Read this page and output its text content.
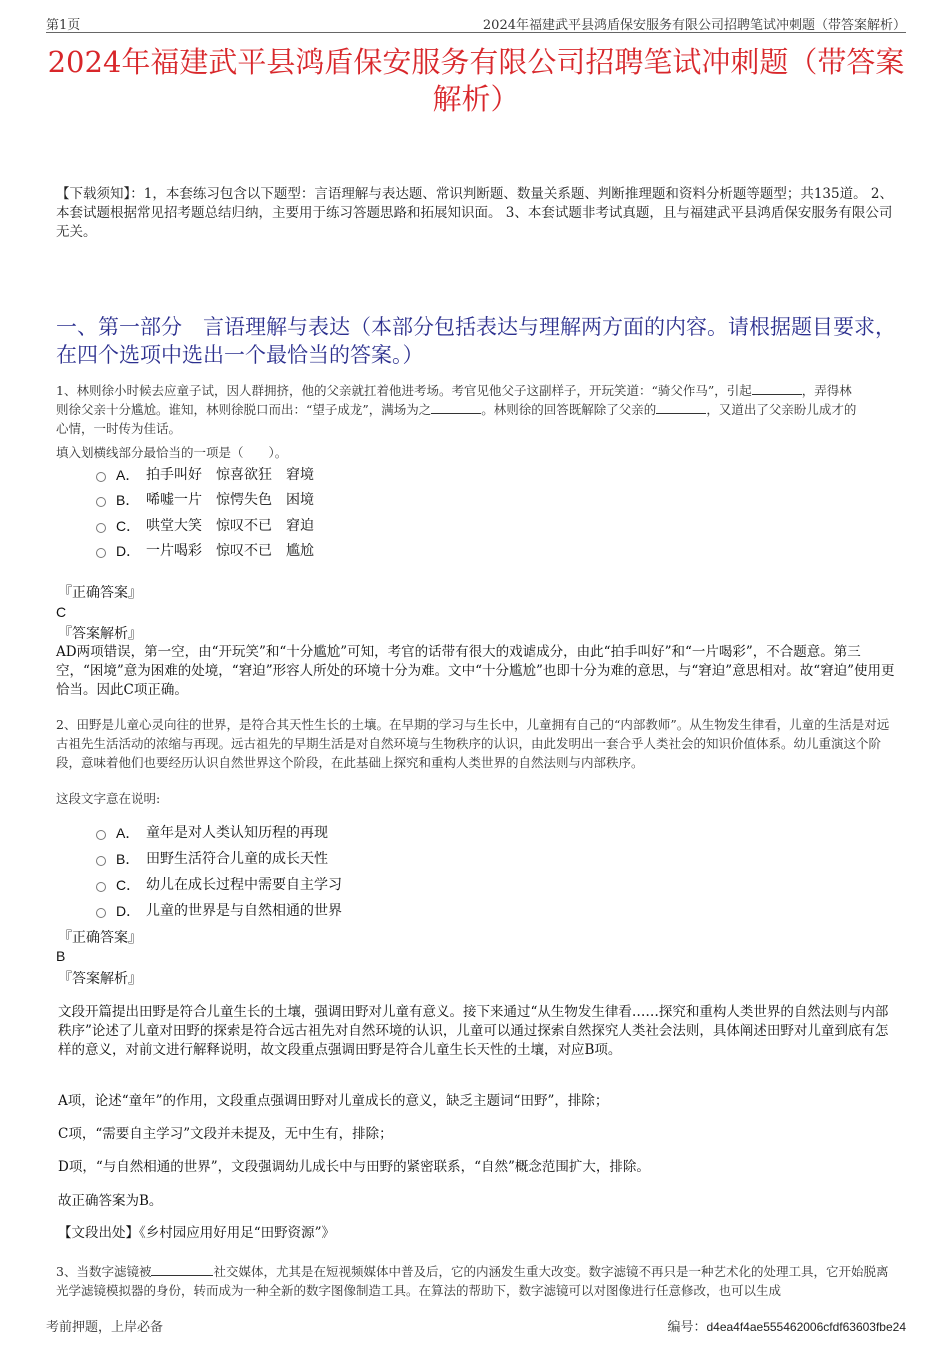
第1页	2024年福建武平县鸿盾保安服务有限公司招聘笔试冲刺题（带答案解析）
2024年福建武平县鸿盾保安服务有限公司招聘笔试冲刺题（带答案解析）
【下载须知】：1，本套练习包含以下题型：言语理解与表达题、常识判断题、数量关系题、判断推理题和资料分析题等题型；共135道。 2、本套试题根据常见招考题总结归纳，主要用于练习答题思路和拓展知识面。 3、本套试题非考试真题，且与福建武平县鸿盾保安服务有限公司无关。
一、第一部分　言语理解与表达（本部分包括表达与理解两方面的内容。请根据题目要求，在四个选项中选出一个最恰当的答案。）
1、林则徐小时候去应童子试，因人群拥挤，他的父亲就扛着他进考场。考官见他父子这副样子，开玩笑道：“骑父作马”，引起	，弄得林
则徐父亲十分尴尬。谁知，林则徐脱口而出：“望子成龙”，满场为之	。林则徐的回答既解除了父亲的	，又道出了父亲盼儿成才的
心情，一时传为佳话。
填入划横线部分最恰当的一项是（　　）。
A． 拍手叫好　惊喜欲狂　窘境
B． 唏嘘一片　惊愕失色　困境
C． 哄堂大笑　惊叹不已　窘迫
D． 一片喝彩　惊叹不已　尴尬
『正确答案』
C
『答案解析』
AD两项错误，第一空，由“开玩笑”和“十分尴尬”可知，考官的话带有很大的戏谑成分，由此“拍手叫好”和“一片喝彩”，不合题意。第三空，“困境”意为困难的处境，“窘迫”形容人所处的环境十分为难。文中“十分尴尬”也即十分为难的意思，与“窘迫”意思相对。故“窘迫”使用更恰当。因此C项正确。
2、田野是儿童心灵向往的世界，是符合其天性生长的土壤。在早期的学习与生长中，儿童拥有自己的“内部教师”。从生物发生律看，儿童的生活是对远古祖先生活活动的浓缩与再现。远古祖先的早期生活是对自然环境与生物秩序的认识，由此发明出一套合乎人类社会的知识价值体系。幼儿重演这个阶段，意味着他们也要经历认识自然世界这个阶段，在此基础上探究和重构人类世界的自然法则与内部秩序。
这段文字意在说明:
A． 童年是对人类认知历程的再现
B． 田野生活符合儿童的成长天性
C． 幼儿在成长过程中需要自主学习
D． 儿童的世界是与自然相通的世界
『正确答案』
B
『答案解析』
文段开篇提出田野是符合儿童生长的土壤，强调田野对儿童有意义。接下来通过“从生物发生律看……探究和重构人类世界的自然法则与内部秩序”论述了儿童对田野的探索是符合远古祖先对自然环境的认识，儿童可以通过探索自然探究人类社会法则，具体阐述田野对儿童到底有怎样的意义，对前文进行解释说明，故文段重点强调田野是符合儿童生长天性的土壤，对应B项。
A项，论述“童年”的作用，文段重点强调田野对儿童成长的意义，缺乏主题词“田野”，排除；
C项，“需要自主学习”文段并未提及，无中生有，排除；
D项，“与自然相通的世界”，文段强调幼儿成长中与田野的紧密联系，“自然”概念范围扩大，排除。
故正确答案为B。
【文段出处】《乡村园应用好用足“田野资源”》
3、当数字滤镜被	社交媒体，尤其是在短视频媒体中普及后，它的内涵发生重大改变。数字滤镜不再只是一种艺术化的处理工具，它开始脱离光学滤镜模拟器的身份，转而成为一种全新的数字图像制造工具。在算法的帮助下，数字滤镜可以对图像进行任意修改，也可以生成
考前押题，上岸必备	编号：d4ea4f4ae555462006cfdf63603fbe24
